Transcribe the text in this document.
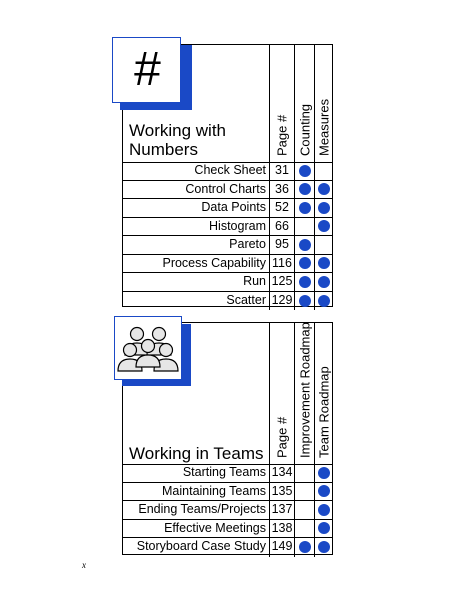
Working with
Numbers	Page # Counting Measures
Check Sheet 31
Control Charts 36
Data Points 52
Histogram 66
Pareto 95
Process Capability 116
Run 125
Scatter 129
#
Working in Teams Page # Improvement Roadmap Team Roadmap
Starting Teams 134
Maintaining Teams 135
Ending Teams/Projects 137
Effective Meetings 138
Storyboard Case Study 149
x
